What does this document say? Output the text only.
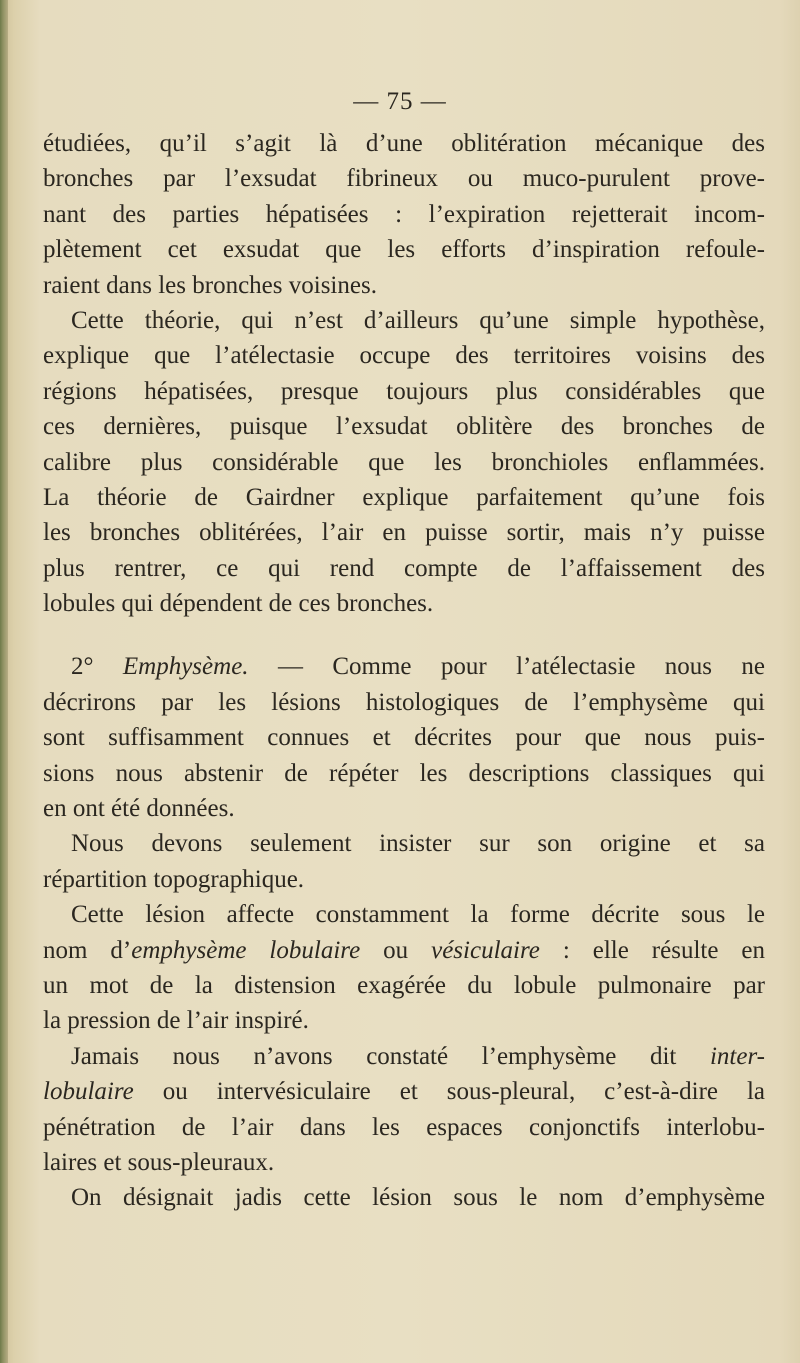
— 75 —
étudiées, qu’il s’agit là d’une oblitération mécanique des
bronches par l’exsudat fibrineux ou muco-purulent prove-
nant des parties hépatisées : l’expiration rejetterait incom-
plètement cet exsudat que les efforts d’inspiration refoule-
raient dans les bronches voisines.
Cette théorie, qui n’est d’ailleurs qu’une simple hypothèse,
explique que l’atélectasie occupe des territoires voisins des
régions hépatisées, presque toujours plus considérables que
ces dernières, puisque l’exsudat oblitère des bronches de
calibre plus considérable que les bronchioles enflammées.
La théorie de Gairdner explique parfaitement qu’une fois
les bronches oblitérées, l’air en puisse sortir, mais n’y puisse
plus rentrer, ce qui rend compte de l’affaissement des
lobules qui dépendent de ces bronches.
2° Emphysème. — Comme pour l’atélectasie nous ne
décrirons par les lésions histologiques de l’emphysème qui
sont suffisamment connues et décrites pour que nous puis-
sions nous abstenir de répéter les descriptions classiques qui
en ont été données.
Nous devons seulement insister sur son origine et sa
répartition topographique.
Cette lésion affecte constamment la forme décrite sous le
nom d’emphysème lobulaire ou vésiculaire : elle résulte en
un mot de la distension exagérée du lobule pulmonaire par
la pression de l’air inspiré.
Jamais nous n’avons constaté l’emphysème dit inter-
lobulaire ou intervésiculaire et sous-pleural, c’est-à-dire la
pénétration de l’air dans les espaces conjonctifs interlobu-
laires et sous-pleuraux.
On désignait jadis cette lésion sous le nom d’emphysème
